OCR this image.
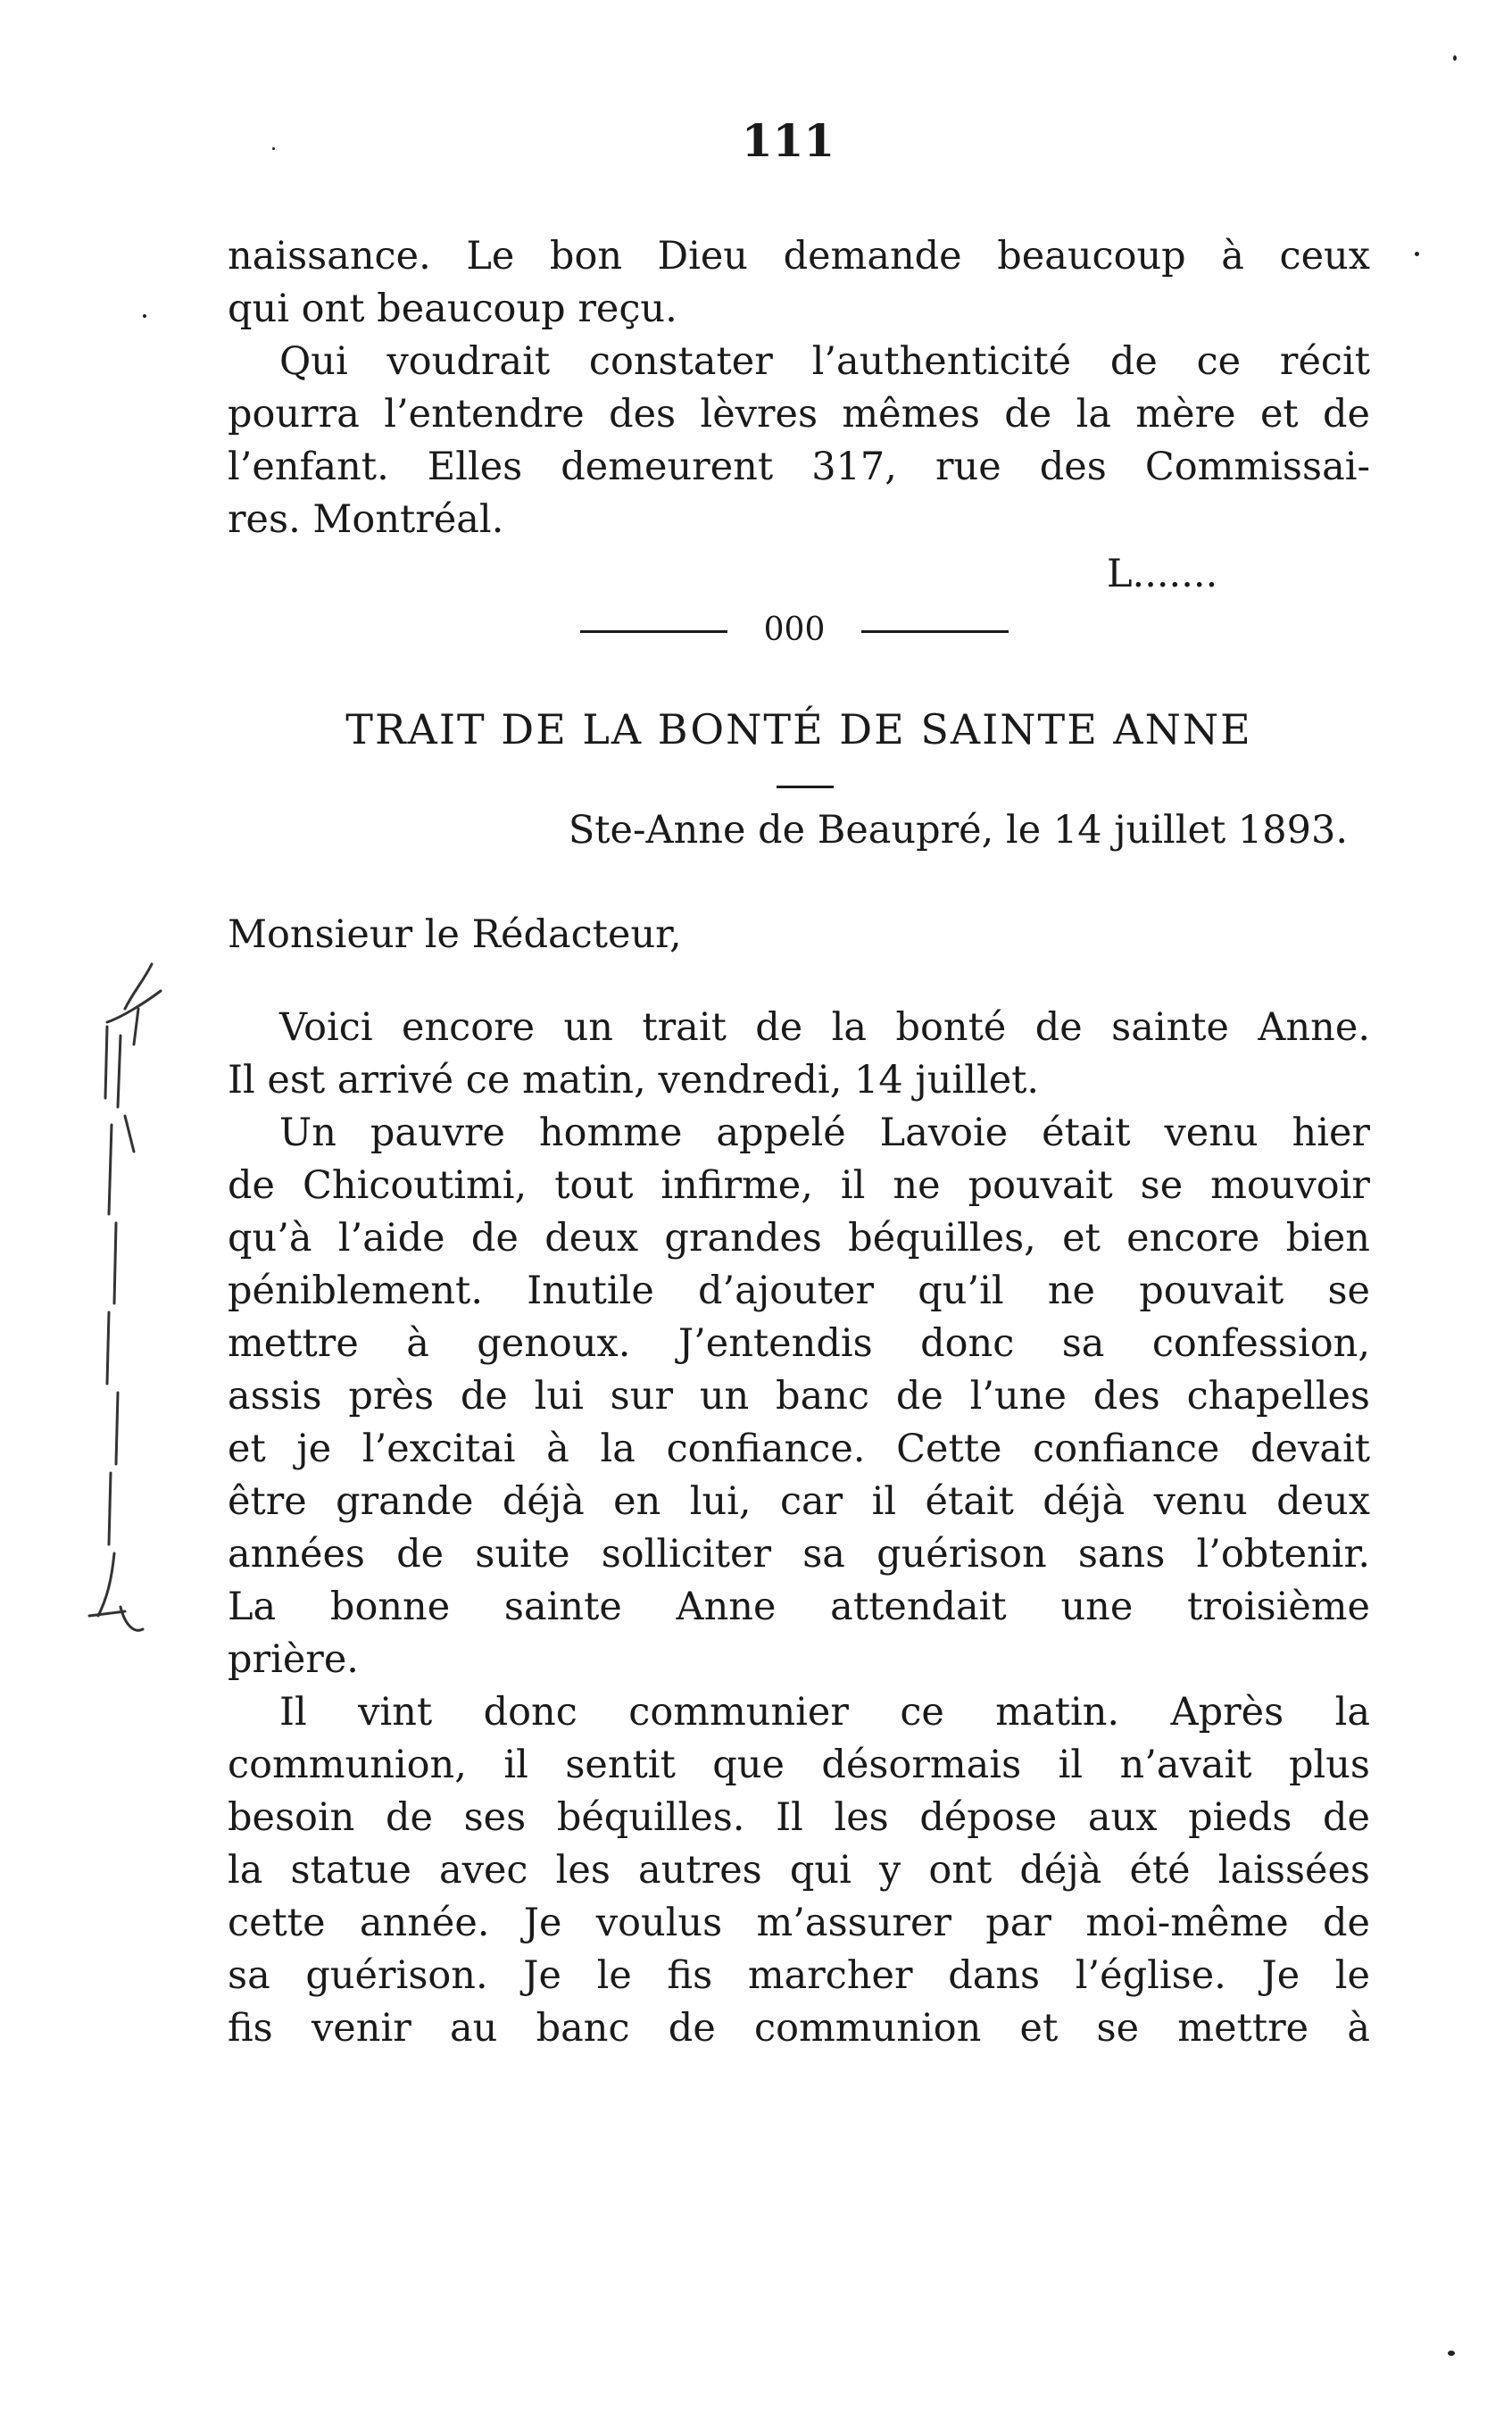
111
naissance. Le bon Dieu demande beaucoup à ceux
qui ont beaucoup reçu.
Qui voudrait constater l’authenticité de ce récit
pourra l’entendre des lèvres mêmes de la mère et de
l’enfant. Elles demeurent 317, rue des Commissai-
res. Montréal.
L.......
000
TRAIT DE LA BONTÉ DE SAINTE ANNE
Ste-Anne de Beaupré, le 14 juillet 1893.
Monsieur le Rédacteur,
Voici encore un trait de la bonté de sainte Anne.
Il est arrivé ce matin, vendredi, 14 juillet.
Un pauvre homme appelé Lavoie était venu hier
de Chicoutimi, tout infirme, il ne pouvait se mouvoir
qu’à l’aide de deux grandes béquilles, et encore bien
péniblement. Inutile d’ajouter qu’il ne pouvait se
mettre à genoux. J’entendis donc sa confession,
assis près de lui sur un banc de l’une des chapelles
et je l’excitai à la confiance. Cette confiance devait
être grande déjà en lui, car il était déjà venu deux
années de suite solliciter sa guérison sans l’obtenir.
La bonne sainte Anne attendait une troisième
prière.
Il vint donc communier ce matin. Après la
communion, il sentit que désormais il n’avait plus
besoin de ses béquilles. Il les dépose aux pieds de
la statue avec les autres qui y ont déjà été laissées
cette année. Je voulus m’assurer par moi-même de
sa guérison. Je le fis marcher dans l’église. Je le
fis venir au banc de communion et se mettre à
